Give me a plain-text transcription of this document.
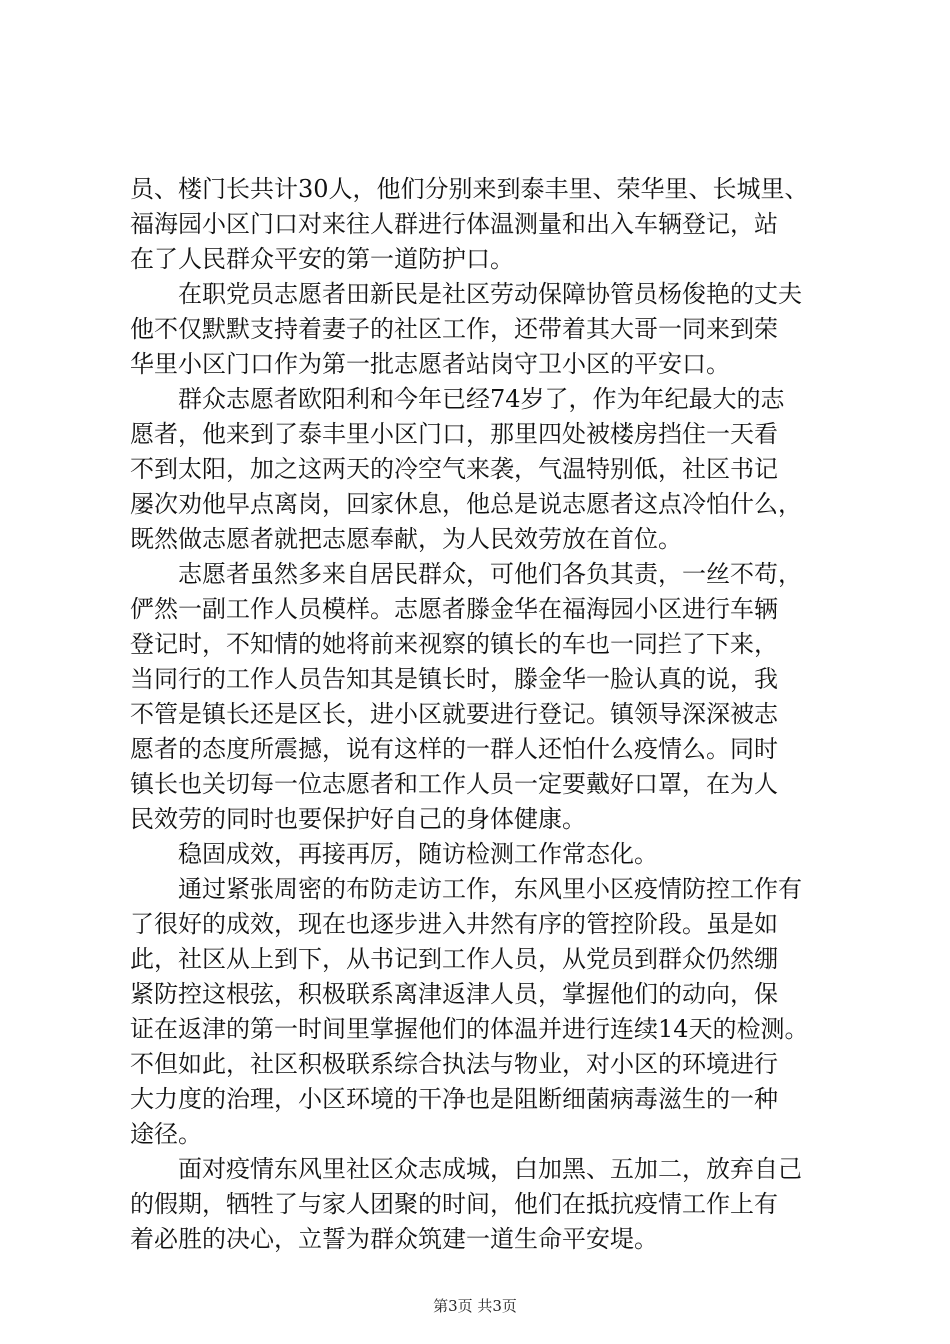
员、楼门长共计30人，他们分别来到泰丰里、荣华里、长城里、
福海园小区门口对来往人群进行体温测量和出入车辆登记，站
在了人民群众平安的第一道防护口。
　　在职党员志愿者田新民是社区劳动保障协管员杨俊艳的丈夫
他不仅默默支持着妻子的社区工作，还带着其大哥一同来到荣
华里小区门口作为第一批志愿者站岗守卫小区的平安口。
　　群众志愿者欧阳利和今年已经74岁了，作为年纪最大的志
愿者，他来到了泰丰里小区门口，那里四处被楼房挡住一天看
不到太阳，加之这两天的冷空气来袭，气温特别低，社区书记
屡次劝他早点离岗，回家休息，他总是说志愿者这点冷怕什么，
既然做志愿者就把志愿奉献，为人民效劳放在首位。
　　志愿者虽然多来自居民群众，可他们各负其责，一丝不苟，
俨然一副工作人员模样。志愿者滕金华在福海园小区进行车辆
登记时，不知情的她将前来视察的镇长的车也一同拦了下来，
当同行的工作人员告知其是镇长时，滕金华一脸认真的说，我
不管是镇长还是区长，进小区就要进行登记。镇领导深深被志
愿者的态度所震撼，说有这样的一群人还怕什么疫情么。同时
镇长也关切每一位志愿者和工作人员一定要戴好口罩，在为人
民效劳的同时也要保护好自己的身体健康。
　　稳固成效，再接再厉，随访检测工作常态化。
　　通过紧张周密的布防走访工作，东风里小区疫情防控工作有
了很好的成效，现在也逐步进入井然有序的管控阶段。虽是如
此，社区从上到下，从书记到工作人员，从党员到群众仍然绷
紧防控这根弦，积极联系离津返津人员，掌握他们的动向，保
证在返津的第一时间里掌握他们的体温并进行连续14天的检测。
不但如此，社区积极联系综合执法与物业，对小区的环境进行
大力度的治理，小区环境的干净也是阻断细菌病毒滋生的一种
途径。
　　面对疫情东风里社区众志成城，白加黑、五加二，放弃自己
的假期，牺牲了与家人团聚的时间，他们在抵抗疫情工作上有
着必胜的决心，立誓为群众筑建一道生命平安堤。
第3页 共3页
